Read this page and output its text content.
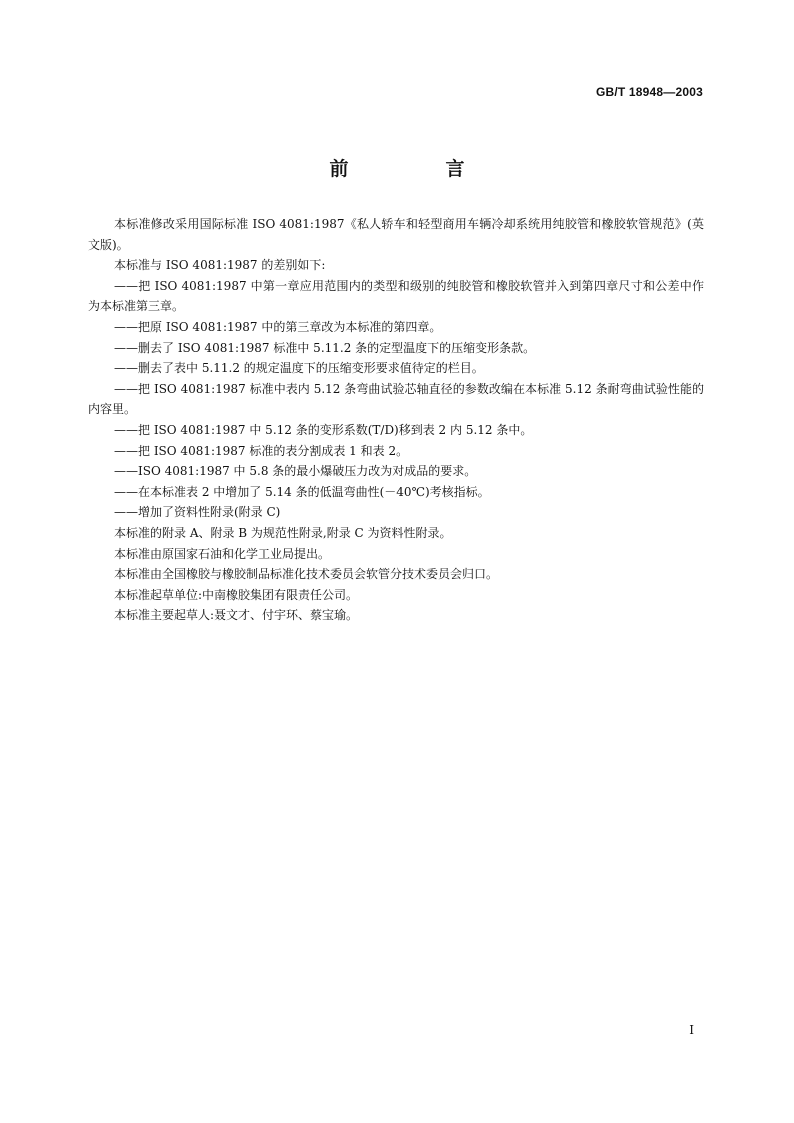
GB/T 18948—2003
前　言

本标准修改采用国际标准 ISO 4081:1987《私人轿车和轻型商用车辆冷却系统用纯胶管和橡胶软管规范》(英文版)。

本标准与 ISO 4081:1987 的差别如下:

——把 ISO 4081:1987 中第一章应用范围内的类型和级别的纯胶管和橡胶软管并入到第四章尺寸和公差中作为本标准第三章。

——把原 ISO 4081:1987 中的第三章改为本标准的第四章。

——删去了 ISO 4081:1987 标准中 5.11.2 条的定型温度下的压缩变形条款。

——删去了表中 5.11.2 的规定温度下的压缩变形要求值待定的栏目。

——把 ISO 4081:1987 标准中表内 5.12 条弯曲试验芯轴直径的参数改编在本标准 5.12 条耐弯曲试验性能的内容里。

——把 ISO 4081:1987 中 5.12 条的变形系数(T/D)移到表 2 内 5.12 条中。

——把 ISO 4081:1987 标准的表分割成表 1 和表 2。

——ISO 4081:1987 中 5.8 条的最小爆破压力改为对成品的要求。

——在本标准表 2 中增加了 5.14 条的低温弯曲性(－40℃)考核指标。

——增加了资料性附录(附录 C)

本标准的附录 A、附录 B 为规范性附录,附录 C 为资料性附录。

本标准由原国家石油和化学工业局提出。

本标准由全国橡胶与橡胶制品标准化技术委员会软管分技术委员会归口。

本标准起草单位:中南橡胶集团有限责任公司。

本标准主要起草人:聂文才、付宇环、蔡宝瑜。

I
